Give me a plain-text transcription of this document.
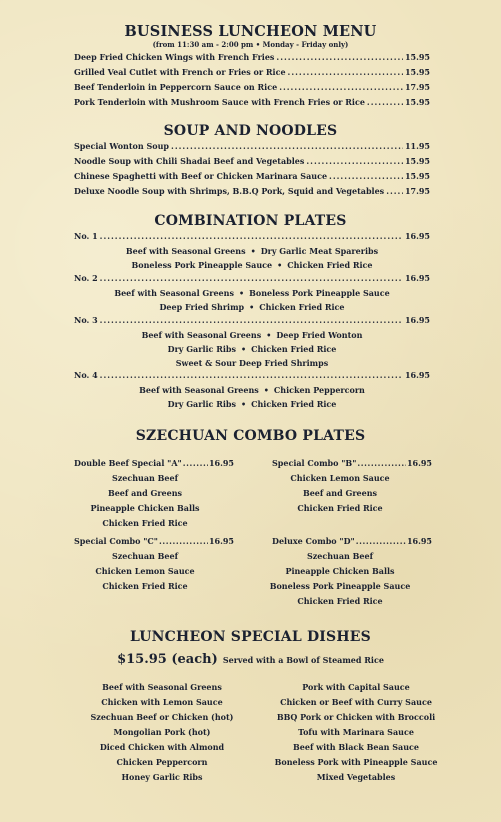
BUSINESS LUNCHEON MENU
(from 11:30 am - 2:00 pm • Monday - Friday only)
Deep Fried Chicken Wings with French Fries .....	15.95
Grilled Veal Cutlet with French or Fries or Rice .....	15.95
Beef Tenderloin in Peppercorn Sauce on Rice .....	17.95
Pork Tenderloin with Mushroom Sauce with French Fries or Rice .....	15.95
SOUP AND NOODLES
Special Wonton Soup .....	11.95
Noodle Soup with Chili Shadai Beef and Vegetables .....	15.95
Chinese Spaghetti with Beef or Chicken Marinara Sauce .....	15.95
Deluxe Noodle Soup with Shrimps, B.B.Q Pork, Squid and Vegetables .....	17.95
COMBINATION PLATES
No. 1 .....	16.95
Beef with Seasonal Greens • Dry Garlic Meat Spareribs
Boneless Pork Pineapple Sauce • Chicken Fried Rice
No. 2 .....	16.95
Beef with Seasonal Greens • Boneless Pork Pineapple Sauce
Deep Fried Shrimp • Chicken Fried Rice
No. 3 .....	16.95
Beef with Seasonal Greens • Deep Fried Wonton
Dry Garlic Ribs • Chicken Fried Rice
Sweet & Sour Deep Fried Shrimps
No. 4 .....	16.95
Beef with Seasonal Greens • Chicken Peppercorn
Dry Garlic Ribs • Chicken Fried Rice
SZECHUAN COMBO PLATES
Double Beef Special "A" .....	16.95
Szechuan Beef
Beef and Greens
Pineapple Chicken Balls
Chicken Fried Rice
Special Combo "B" .....	16.95
Chicken Lemon Sauce
Beef and Greens
Chicken Fried Rice
Special Combo "C" .....	16.95
Szechuan Beef
Chicken Lemon Sauce
Chicken Fried Rice
Deluxe Combo "D" .....	16.95
Szechuan Beef
Pineapple Chicken Balls
Boneless Pork Pineapple Sauce
Chicken Fried Rice
LUNCHEON SPECIAL DISHES
$15.95 (each) Served with a Bowl of Steamed Rice
Beef with Seasonal Greens
Chicken with Lemon Sauce
Szechuan Beef or Chicken (hot)
Mongolian Pork (hot)
Diced Chicken with Almond
Chicken Peppercorn
Honey Garlic Ribs
Pork with Capital Sauce
Chicken or Beef with Curry Sauce
BBQ Pork or Chicken with Broccoli
Tofu with Marinara Sauce
Beef with Black Bean Sauce
Boneless Pork with Pineapple Sauce
Mixed Vegetables
